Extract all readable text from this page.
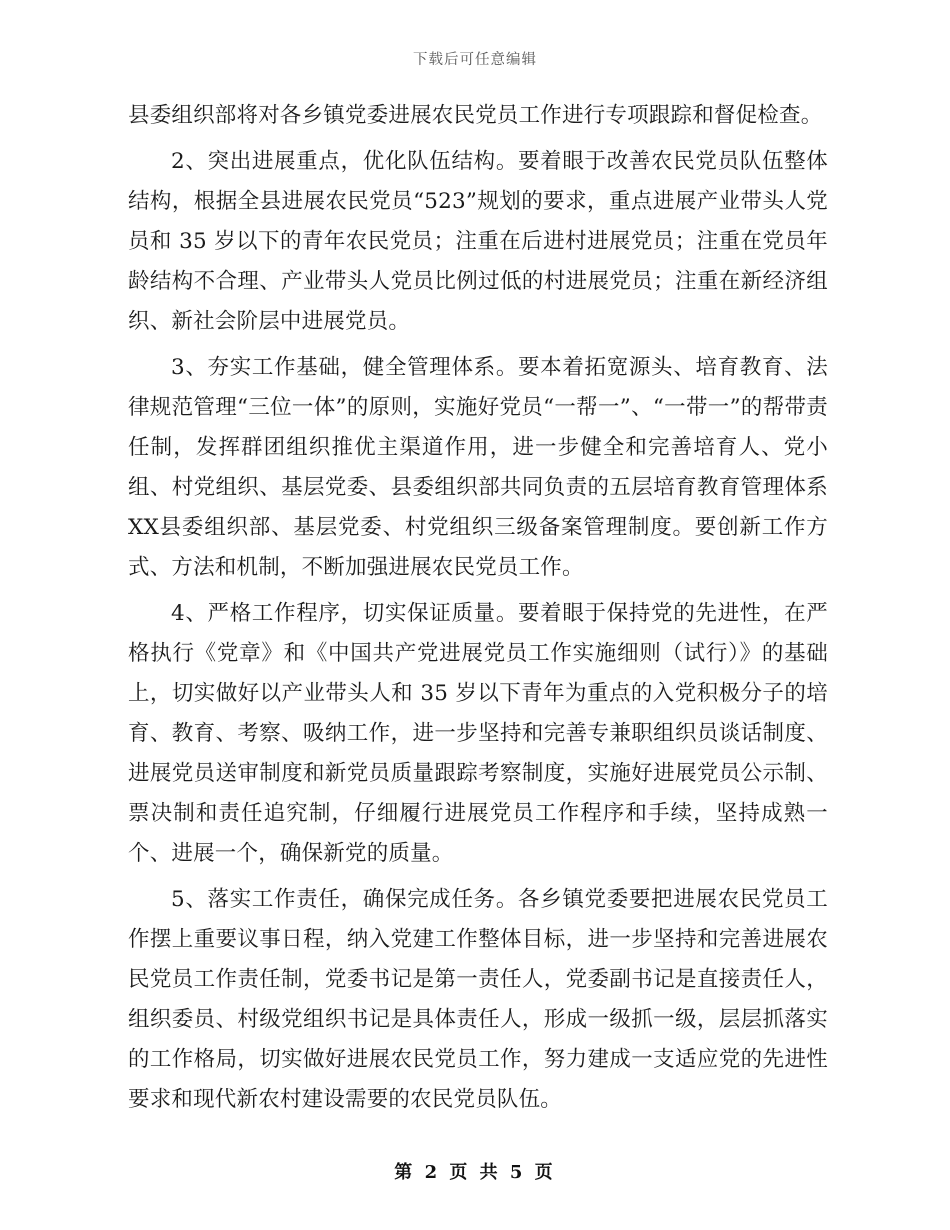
下载后可任意编辑

县委组织部将对各乡镇党委进展农民党员工作进行专项跟踪和督促检查。

2、突出进展重点，优化队伍结构。要着眼于改善农民党员队伍整体结构，根据全县进展农民党员“523”规划的要求，重点进展产业带头人党员和 35 岁以下的青年农民党员；注重在后进村进展党员；注重在党员年龄结构不合理、产业带头人党员比例过低的村进展党员；注重在新经济组织、新社会阶层中进展党员。

3、夯实工作基础，健全管理体系。要本着拓宽源头、培育教育、法律规范管理“三位一体”的原则，实施好党员“一帮一”、“一带一”的帮带责任制，发挥群团组织推优主渠道作用，进一步健全和完善培育人、党小组、村党组织、基层党委、县委组织部共同负责的五层培育教育管理体系XX县委组织部、基层党委、村党组织三级备案管理制度。要创新工作方式、方法和机制，不断加强进展农民党员工作。

4、严格工作程序，切实保证质量。要着眼于保持党的先进性，在严格执行《党章》和《中国共产党进展党员工作实施细则（试行）》的基础上，切实做好以产业带头人和 35 岁以下青年为重点的入党积极分子的培育、教育、考察、吸纳工作，进一步坚持和完善专兼职组织员谈话制度、进展党员送审制度和新党员质量跟踪考察制度，实施好进展党员公示制、票决制和责任追究制，仔细履行进展党员工作程序和手续，坚持成熟一个、进展一个，确保新党的质量。

5、落实工作责任，确保完成任务。各乡镇党委要把进展农民党员工作摆上重要议事日程，纳入党建工作整体目标，进一步坚持和完善进展农民党员工作责任制，党委书记是第一责任人，党委副书记是直接责任人，组织委员、村级党组织书记是具体责任人，形成一级抓一级，层层抓落实的工作格局，切实做好进展农民党员工作，努力建成一支适应党的先进性要求和现代新农村建设需要的农民党员队伍。

第 2 页 共 5 页
